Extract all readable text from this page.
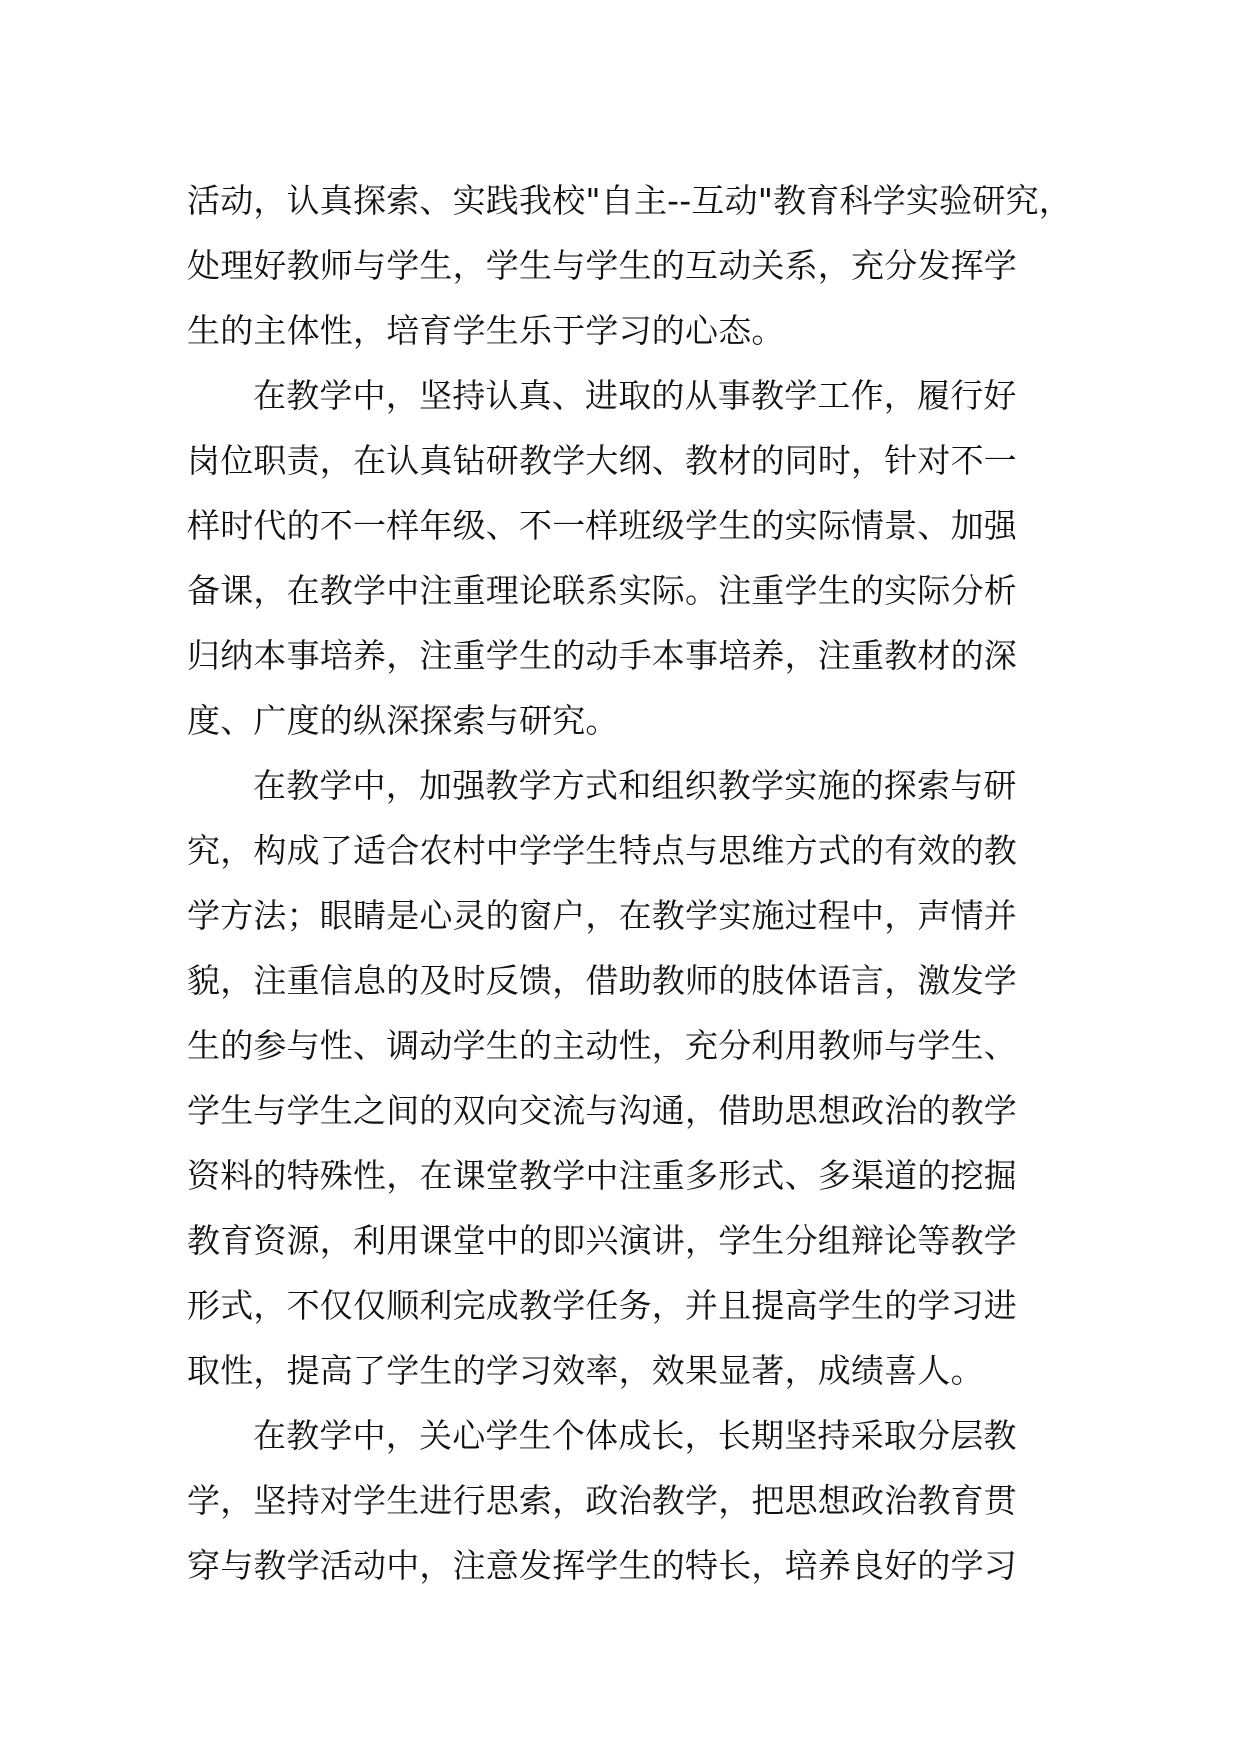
活动，认真探索、实践我校"自主--互动"教育科学实验研究，
处理好教师与学生，学生与学生的互动关系，充分发挥学
生的主体性，培育学生乐于学习的心态。
在教学中，坚持认真、进取的从事教学工作，履行好
岗位职责，在认真钻研教学大纲、教材的同时，针对不一
样时代的不一样年级、不一样班级学生的实际情景、加强
备课，在教学中注重理论联系实际。注重学生的实际分析
归纳本事培养，注重学生的动手本事培养，注重教材的深
度、广度的纵深探索与研究。
在教学中，加强教学方式和组织教学实施的探索与研
究，构成了适合农村中学学生特点与思维方式的有效的教
学方法；眼睛是心灵的窗户，在教学实施过程中，声情并
貌，注重信息的及时反馈，借助教师的肢体语言，激发学
生的参与性、调动学生的主动性，充分利用教师与学生、
学生与学生之间的双向交流与沟通，借助思想政治的教学
资料的特殊性，在课堂教学中注重多形式、多渠道的挖掘
教育资源，利用课堂中的即兴演讲，学生分组辩论等教学
形式，不仅仅顺利完成教学任务，并且提高学生的学习进
取性，提高了学生的学习效率，效果显著，成绩喜人。
在教学中，关心学生个体成长，长期坚持采取分层教
学，坚持对学生进行思索，政治教学，把思想政治教育贯
穿与教学活动中，注意发挥学生的特长，培养良好的学习
